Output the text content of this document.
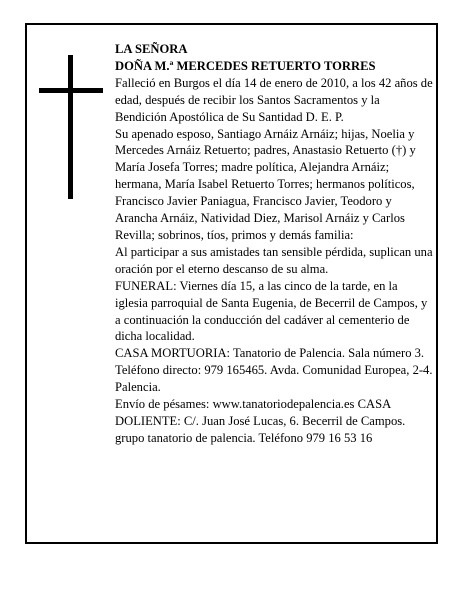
LA SEÑORA

DOÑA M.ª MERCEDES RETUERTO TORRES

Falleció en Burgos el día 14 de enero de 2010, a los 42 años de edad, después de recibir los Santos Sacramentos y la Bendición Apostólica de Su Santidad D. E. P.

Su apenado esposo, Santiago Arnáiz Arnáiz; hijas, Noelia y Mercedes Arnáiz Retuerto; padres, Anastasio Retuerto (†) y María Josefa Torres; madre política, Alejandra Arnáiz; hermana, María Isabel Retuerto Torres; hermanos políticos, Francisco Javier Paniagua, Francisco Javier, Teodoro y Arancha Arnáiz, Natividad Diez, Marisol Arnáiz y Carlos Revilla; sobrinos, tíos, primos y demás familia:

Al participar a sus amistades tan sensible pérdida, suplican una oración por el eterno descanso de su alma.

FUNERAL: Viernes día 15, a las cinco de la tarde, en la iglesia parroquial de Santa Eugenia, de Becerril de Campos, y a continuación la conducción del cadáver al cementerio de dicha localidad.

CASA MORTUORIA: Tanatorio de Palencia. Sala número 3. Teléfono directo: 979 165465. Avda. Comunidad Europea, 2-4. Palencia.

Envío de pésames: www.tanatoriodepalencia.es CASA DOLIENTE: C/. Juan José Lucas, 6. Becerril de Campos.

grupo tanatorio de palencia. Teléfono 979 16 53 16
